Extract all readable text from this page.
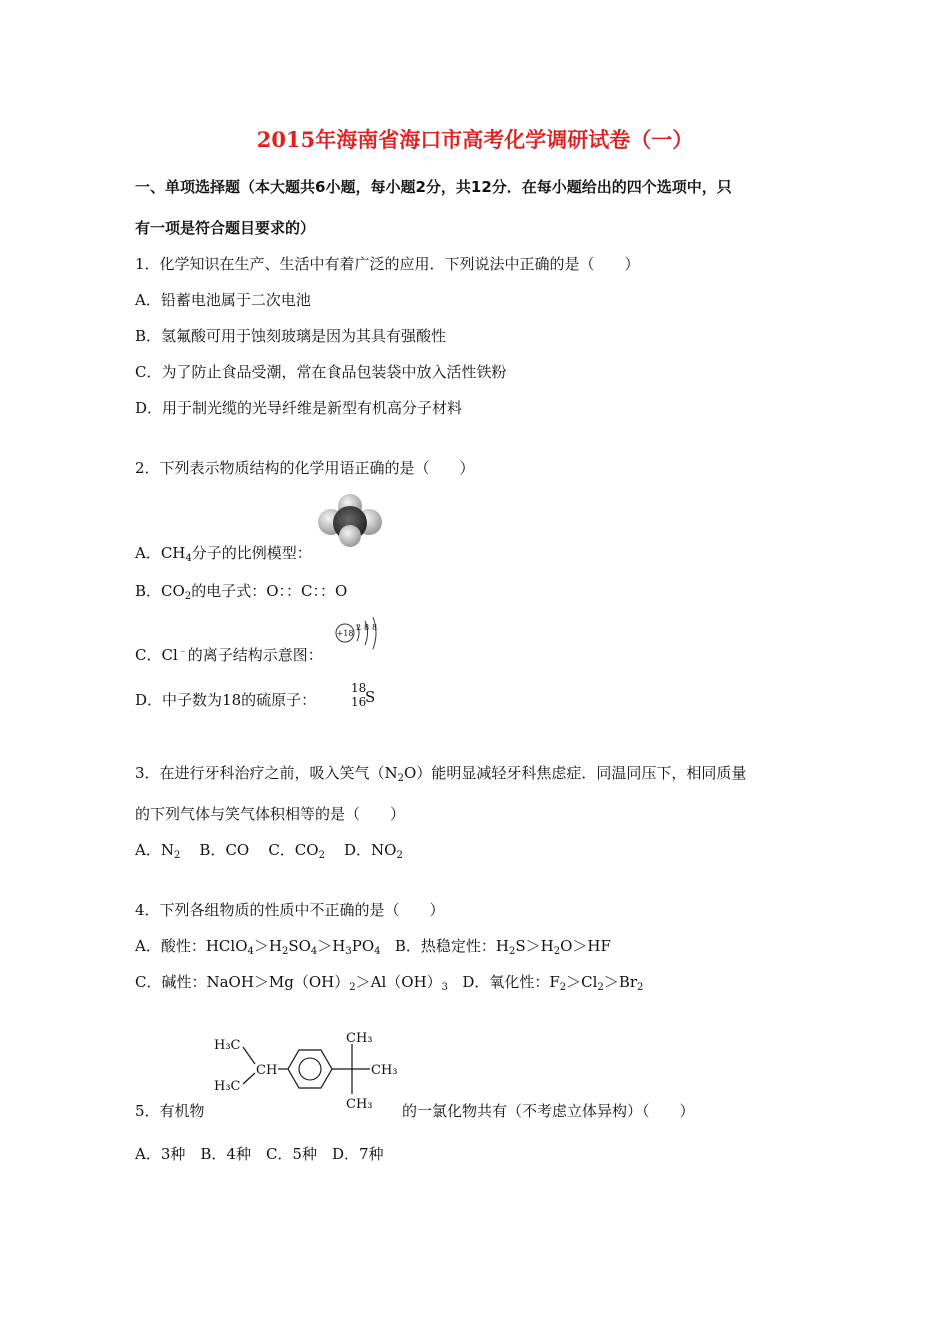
2015年海南省海口市高考化学调研试卷（一）
一、单项选择题（本大题共6小题，每小题2分，共12分．在每小题给出的四个选项中，只
有一项是符合题目要求的）
1．化学知识在生产、生活中有着广泛的应用．下列说法中正确的是（　　）
A．铅蓄电池属于二次电池
B．氢氟酸可用于蚀刻玻璃是因为其具有强酸性
C．为了防止食品受潮，常在食品包装袋中放入活性铁粉
D．用于制光缆的光导纤维是新型有机高分子材料
2．下列表示物质结构的化学用语正确的是（　　）
A．$CH_4$分子的比例模型：
B．$CO_2$的电子式：O：：C：：O
+18
2 8 8
C．Cl﹣的离子结构示意图：
D．中子数为18的硫原子：
18
16
S
3．在进行牙科治疗之前，吸入笑气$(N_2O)$能明显减轻牙科焦虑症．同温同压下，相同质量
的下列气体与笑气体积相等的是（　　）
A．$N_2$ B．CO C．$CO_2$ D．$NO_2$
4．下列各组物质的性质中不正确的是（　　）
A．酸性：$HClO_4>H_2SO_4>H_3PO_4$ B．热稳定性：$H_2S>H_2O>HF$
C．碱性：$NaOH>Mg(OH)_2>Al(OH)_3$ D．氧化性：$F_2>Cl_2>Br_2$
H₃C
H₃C
CH
CH₃
CH₃
CH₃
5．有机物	的一氯化物共有（不考虑立体异构）（　　）
A．3种　B．4种　C．5种　D．7种
